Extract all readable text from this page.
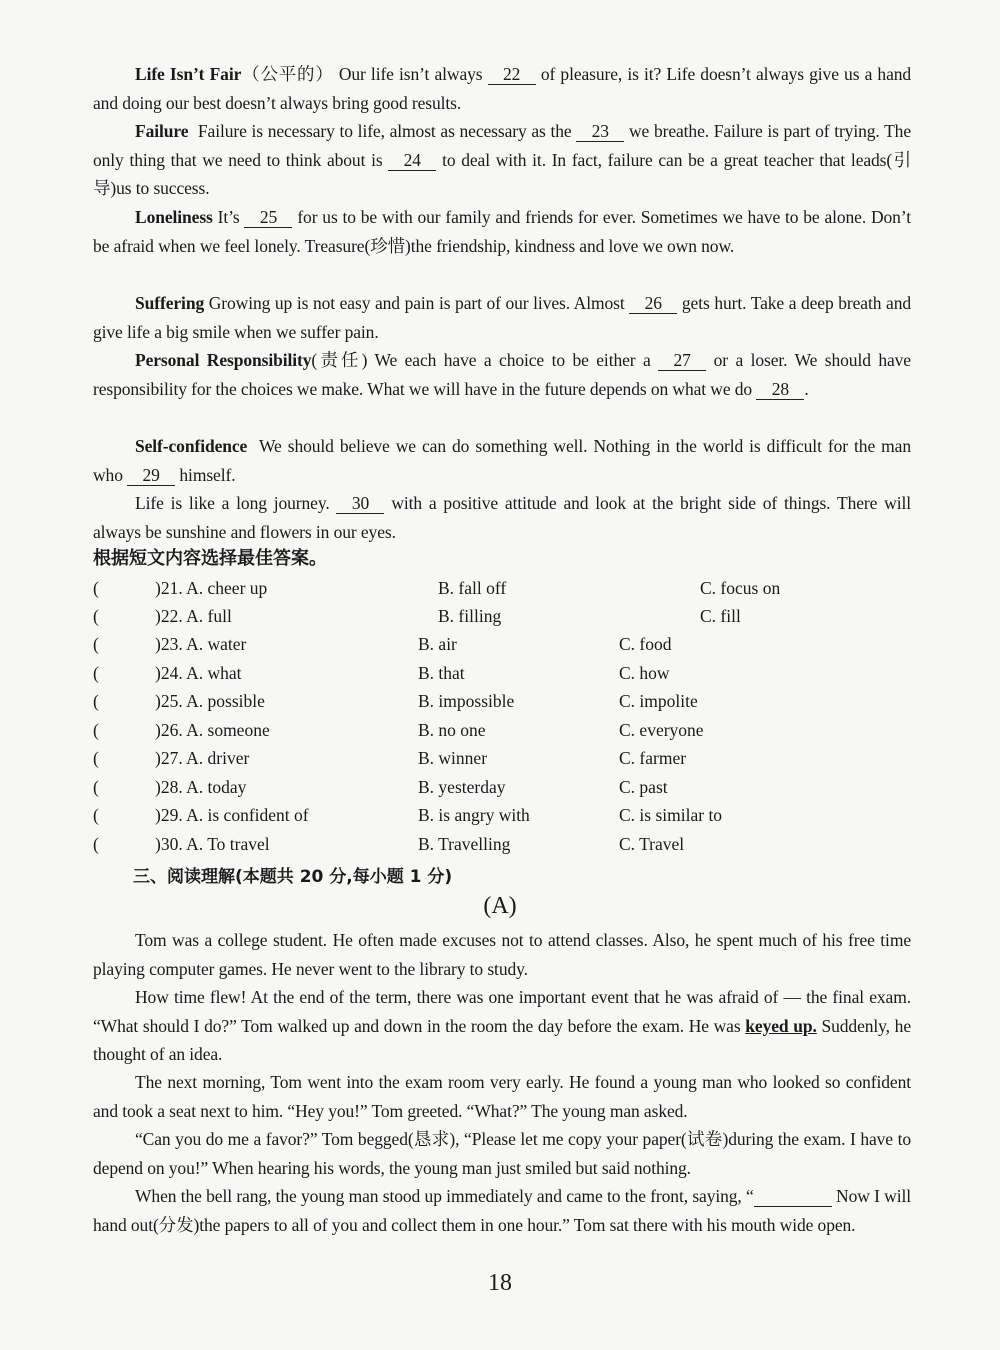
Life Isn’t Fair（公平的） Our life isn’t always 22 of pleasure, is it? Life doesn’t always give us a hand and doing our best doesn’t always bring good results.
Failure Failure is necessary to life, almost as necessary as the 23 we breathe. Failure is part of trying. The only thing that we need to think about is 24 to deal with it. In fact, failure can be a great teacher that leads(引导)us to success.
Loneliness It’s 25 for us to be with our family and friends for ever. Sometimes we have to be alone. Don’t be afraid when we feel lonely. Treasure(珍惜)the friendship, kindness and love we own now.
Suffering Growing up is not easy and pain is part of our lives. Almost 26 gets hurt. Take a deep breath and give life a big smile when we suffer pain.
Personal Responsibility(责任) We each have a choice to be either a 27 or a loser. We should have responsibility for the choices we make. What we will have in the future depends on what we do 28 .
Self-confidence We should believe we can do something well. Nothing in the world is difficult for the man who 29 himself.
Life is like a long journey. 30 with a positive attitude and look at the bright side of things. There will always be sunshine and flowers in our eyes.
根据短文内容选择最佳答案。
(	)21. A. cheer up	B. fall off	C. focus on
(	)22. A. full	B. filling	C. fill
(	)23. A. water	B. air	C. food
(	)24. A. what	B. that	C. how
(	)25. A. possible	B. impossible	C. impolite
(	)26. A. someone	B. no one	C. everyone
(	)27. A. driver	B. winner	C. farmer
(	)28. A. today	B. yesterday	C. past
(	)29. A. is confident of	B. is angry with	C. is similar to
(	)30. A. To travel	B. Travelling	C. Travel
三、阅读理解(本题共 20 分,每小题 1 分)
(A)
Tom was a college student. He often made excuses not to attend classes. Also, he spent much of his free time playing computer games. He never went to the library to study.
How time flew! At the end of the term, there was one important event that he was afraid of — the final exam. “What should I do?” Tom walked up and down in the room the day before the exam. He was keyed up. Suddenly, he thought of an idea.
The next morning, Tom went into the exam room very early. He found a young man who looked so confident and took a seat next to him. “Hey you!” Tom greeted. “What?” The young man asked.
“Can you do me a favor?” Tom begged(恳求), “Please let me copy your paper(试卷)during the exam. I have to depend on you!” When hearing his words, the young man just smiled but said nothing.
When the bell rang, the young man stood up immediately and came to the front, saying, “	Now I will hand out(分发)the papers to all of you and collect them in one hour.” Tom sat there with his mouth wide open.
18
